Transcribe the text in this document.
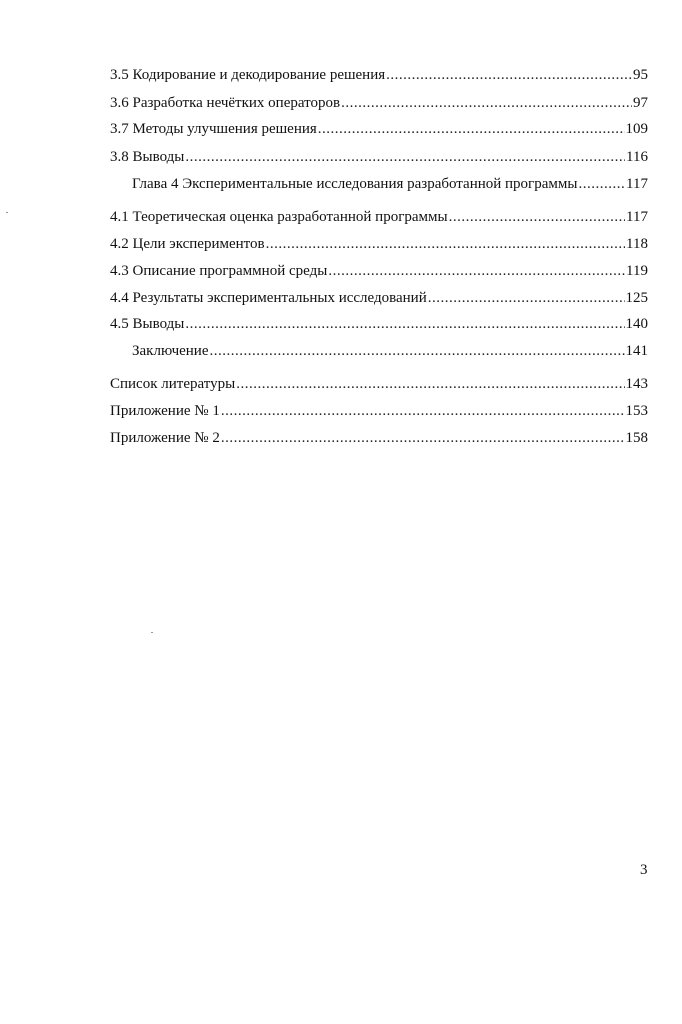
3.5 Кодирование и декодирование решения .....	95
3.6 Разработка нечётких операторов .....	97
3.7 Методы улучшения решения .....	109
3.8 Выводы .....	116
Глава 4 Экспериментальные исследования разработанной программы .....	117
4.1 Теоретическая оценка разработанной программы .....	117
4.2 Цели экспериментов .....	118
4.3 Описание программной среды .....	119
4.4 Результаты экспериментальных исследований .....	125
4.5 Выводы .....	140
Заключение .....	141
Список литературы .....	143
Приложение № 1 .....	153
Приложение № 2 .....	158
3
